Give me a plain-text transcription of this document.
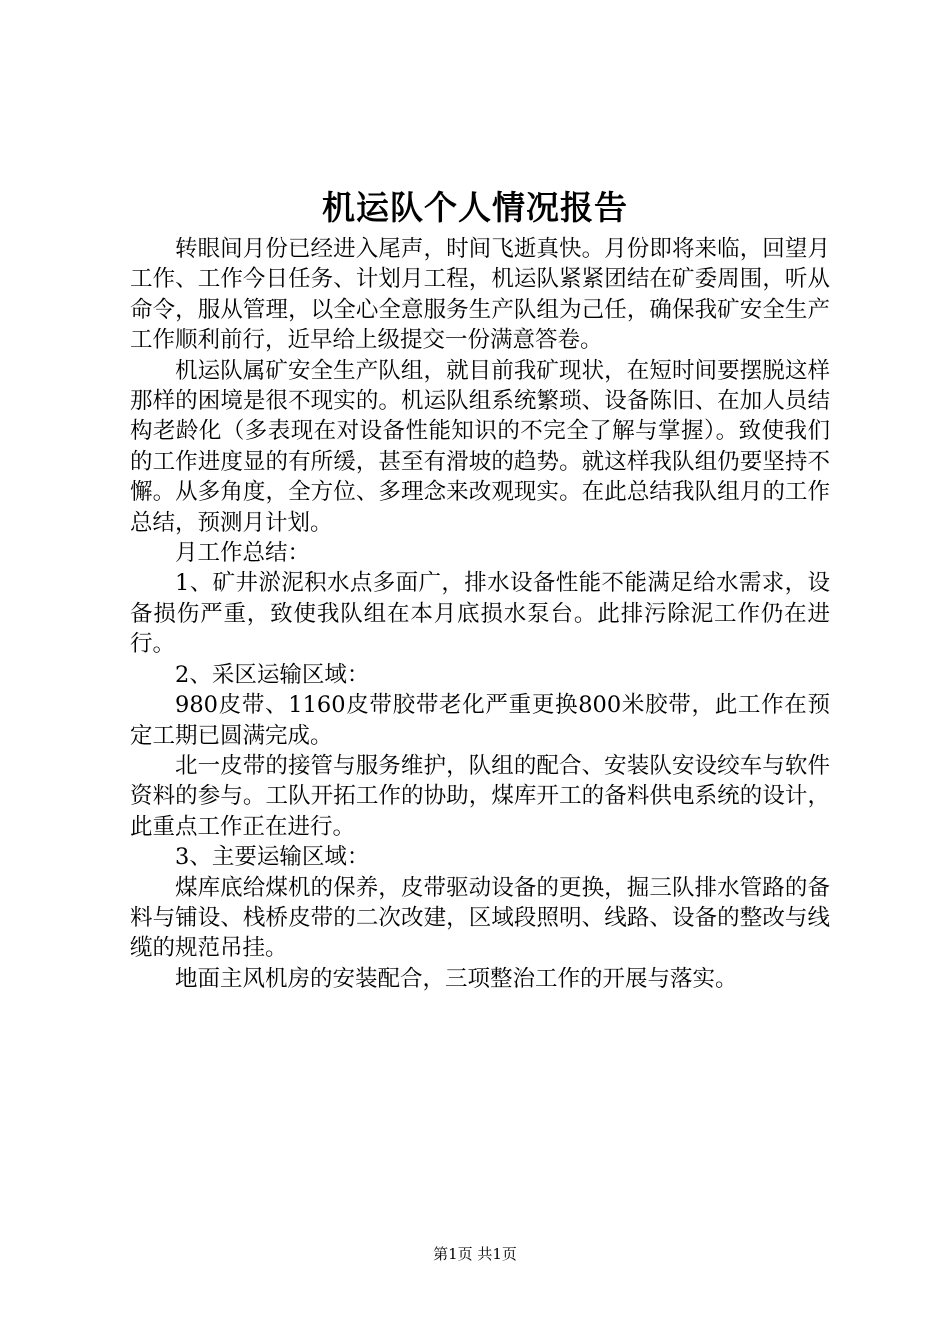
机运队个人情况报告

转眼间月份已经进入尾声，时间飞逝真快。月份即将来临，回望月工作、工作今日任务、计划月工程，机运队紧紧团结在矿委周围，听从命令，服从管理，以全心全意服务生产队组为己任，确保我矿安全生产工作顺利前行，近早给上级提交一份满意答卷。

机运队属矿安全生产队组，就目前我矿现状，在短时间要摆脱这样那样的困境是很不现实的。机运队组系统繁琐、设备陈旧、在加人员结构老龄化（多表现在对设备性能知识的不完全了解与掌握）。致使我们的工作进度显的有所缓，甚至有滑坡的趋势。就这样我队组仍要坚持不懈。从多角度，全方位、多理念来改观现实。在此总结我队组月的工作总结，预测月计划。

月工作总结：

1、矿井淤泥积水点多面广，排水设备性能不能满足给水需求，设备损伤严重，致使我队组在本月底损水泵台。此排污除泥工作仍在进行。

2、采区运输区域：

980皮带、1160皮带胶带老化严重更换800米胶带，此工作在预定工期已圆满完成。

北一皮带的接管与服务维护，队组的配合、安装队安设绞车与软件资料的参与。工队开拓工作的协助，煤库开工的备料供电系统的设计，此重点工作正在进行。

3、主要运输区域：

煤库底给煤机的保养，皮带驱动设备的更换，掘三队排水管路的备料与铺设、栈桥皮带的二次改建，区域段照明、线路、设备的整改与线缆的规范吊挂。

地面主风机房的安装配合，三项整治工作的开展与落实。

第1页 共1页
